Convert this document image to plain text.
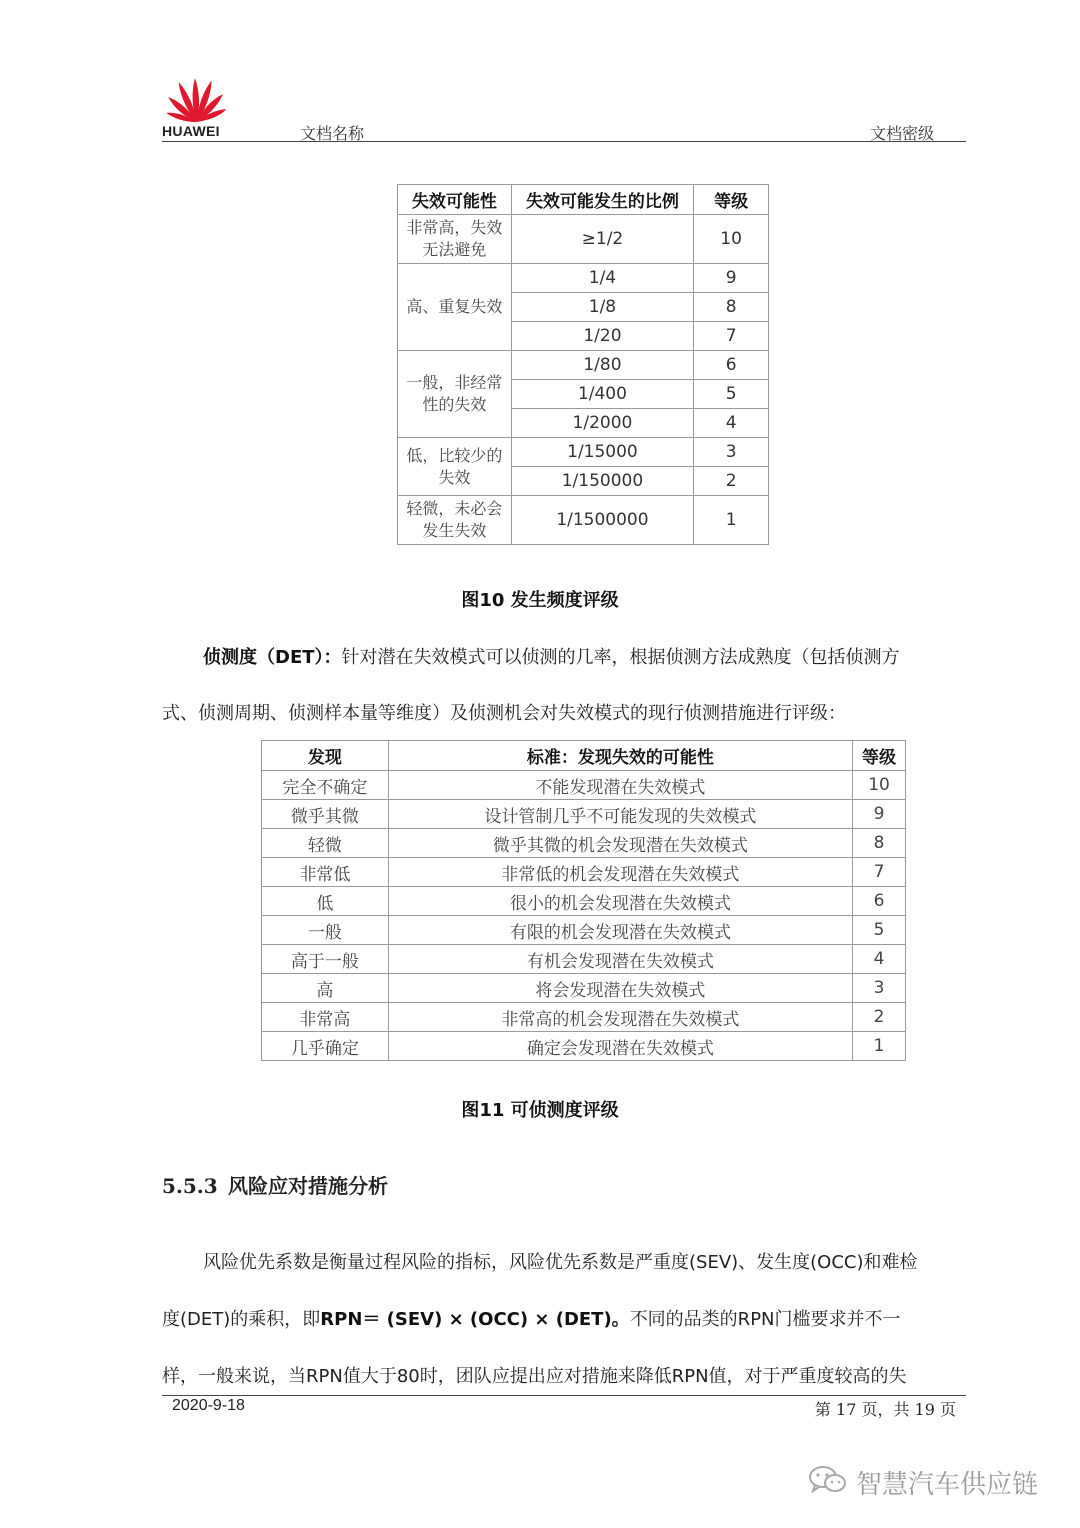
HUAWEI	文档名称	文档密级
失效可能性	失效可能发生的比例	等级
非常高，失效无法避免	≥1/2	10
高、重复失效	1/4	9
	1/8	8
	1/20	7
一般，非经常性的失效	1/80	6
	1/400	5
	1/2000	4
低，比较少的失效	1/15000	3
	1/150000	2
轻微，未必会发生失效	1/1500000	1
图10 发生频度评级
侦测度（DET）：针对潜在失效模式可以侦测的几率，根据侦测方法成熟度（包括侦测方
式、侦测周期、侦测样本量等维度）及侦测机会对失效模式的现行侦测措施进行评级：
发现	标准：发现失效的可能性	等级
完全不确定	不能发现潜在失效模式	10
微乎其微	设计管制几乎不可能发现的失效模式	9
轻微	微乎其微的机会发现潜在失效模式	8
非常低	非常低的机会发现潜在失效模式	7
低	很小的机会发现潜在失效模式	6
一般	有限的机会发现潜在失效模式	5
高于一般	有机会发现潜在失效模式	4
高	将会发现潜在失效模式	3
非常高	非常高的机会发现潜在失效模式	2
几乎确定	确定会发现潜在失效模式	1
图11 可侦测度评级
5.5.3 风险应对措施分析
风险优先系数是衡量过程风险的指标，风险优先系数是严重度(SEV)、发生度(OCC)和难检
度(DET)的乘积，即RPN＝ (SEV) × (OCC) × (DET)。不同的品类的RPN门槛要求并不一
样，一般来说，当RPN值大于80时，团队应提出应对措施来降低RPN值，对于严重度较高的失
2020-9-18	第 17 页，共 19 页
智慧汽车供应链
